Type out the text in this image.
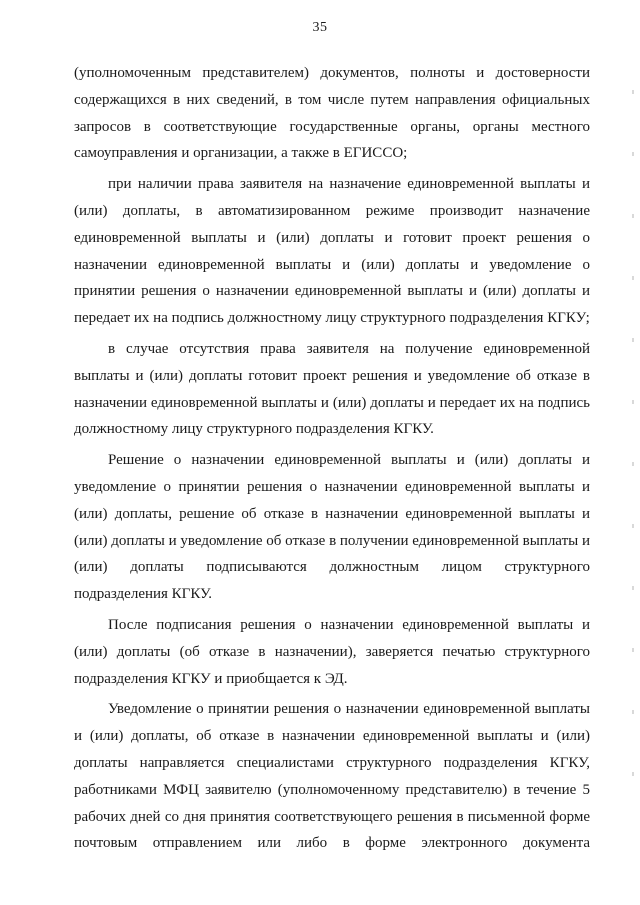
35

(уполномоченным представителем) документов, полноты и достоверности содержащихся в них сведений, в том числе путем направления официальных запросов в соответствующие государственные органы, органы местного самоуправления и организации, а также в ЕГИССО;

при наличии права заявителя на назначение единовременной выплаты и (или) доплаты, в автоматизированном режиме производит назначение единовременной выплаты и (или) доплаты и готовит проект решения о назначении единовременной выплаты и (или) доплаты и уведомление о принятии решения о назначении единовременной выплаты и (или) доплаты и передает их на подпись должностному лицу структурного подразделения КГКУ;

в случае отсутствия права заявителя на получение единовременной выплаты и (или) доплаты готовит проект решения и уведомление об отказе в назначении единовременной выплаты и (или) доплаты и передает их на подпись должностному лицу структурного подразделения КГКУ.

Решение о назначении единовременной выплаты и (или) доплаты и уведомление о принятии решения о назначении единовременной выплаты и (или) доплаты, решение об отказе в назначении единовременной выплаты и (или) доплаты и уведомление об отказе в получении единовременной выплаты и (или) доплаты подписываются должностным лицом структурного подразделения КГКУ.

После подписания решения о назначении единовременной выплаты и (или) доплаты (об отказе в назначении), заверяется печатью структурного подразделения КГКУ и приобщается к ЭД.

Уведомление о принятии решения о назначении единовременной выплаты и (или) доплаты, об отказе в назначении единовременной выплаты и (или) доплаты направляется специалистами структурного подразделения КГКУ, работниками МФЦ заявителю (уполномоченному представителю) в течение 5 рабочих дней со дня принятия соответствующего решения в письменной форме почтовым отправлением или либо в форме электронного документа
